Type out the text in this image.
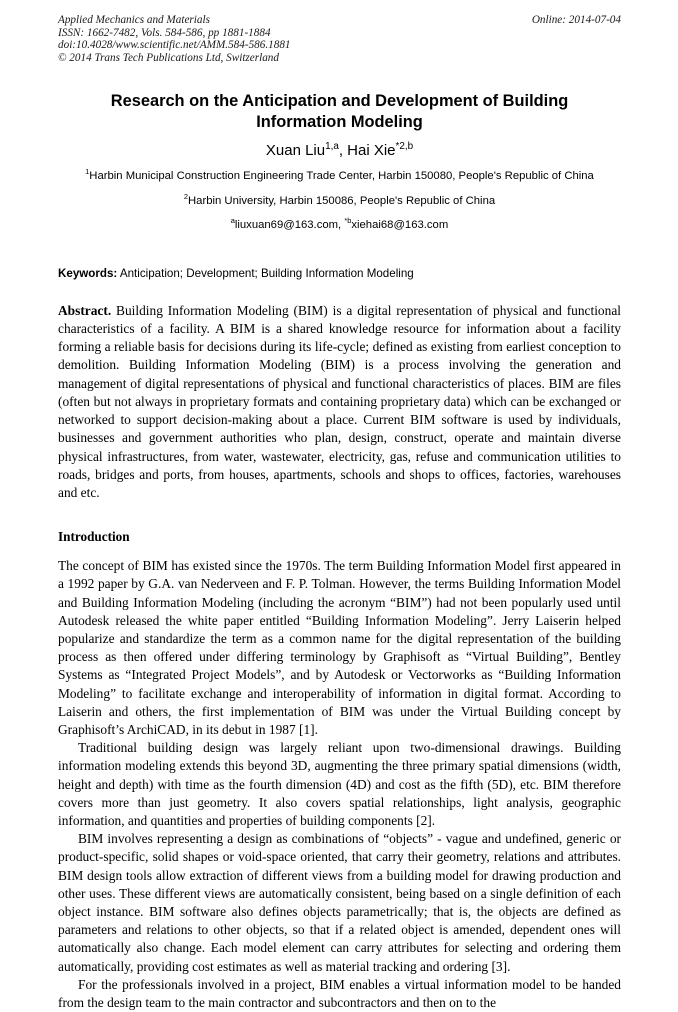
Applied Mechanics and Materials
ISSN: 1662-7482, Vols. 584-586, pp 1881-1884
doi:10.4028/www.scientific.net/AMM.584-586.1881
© 2014 Trans Tech Publications Ltd, Switzerland
Online: 2014-07-04
Research on the Anticipation and Development of Building Information Modeling
Xuan Liu$^{1,a}$, Hai Xie$^{*2,b}$
$^1$Harbin Municipal Construction Engineering Trade Center, Harbin 150080, People's Republic of China
$^2$Harbin University, Harbin 150086, People's Republic of China
$^a$liuxuan69@163.com, $^{*b}$xiehai68@163.com
Keywords: Anticipation; Development; Building Information Modeling
Abstract. Building Information Modeling (BIM) is a digital representation of physical and functional characteristics of a facility. A BIM is a shared knowledge resource for information about a facility forming a reliable basis for decisions during its life-cycle; defined as existing from earliest conception to demolition. Building Information Modeling (BIM) is a process involving the generation and management of digital representations of physical and functional characteristics of places. BIM are files (often but not always in proprietary formats and containing proprietary data) which can be exchanged or networked to support decision-making about a place. Current BIM software is used by individuals, businesses and government authorities who plan, design, construct, operate and maintain diverse physical infrastructures, from water, wastewater, electricity, gas, refuse and communication utilities to roads, bridges and ports, from houses, apartments, schools and shops to offices, factories, warehouses and etc.
Introduction

The concept of BIM has existed since the 1970s. The term Building Information Model first appeared in a 1992 paper by G.A. van Nederveen and F. P. Tolman. However, the terms Building Information Model and Building Information Modeling (including the acronym “BIM”) had not been popularly used until Autodesk released the white paper entitled “Building Information Modeling”. Jerry Laiserin helped popularize and standardize the term as a common name for the digital representation of the building process as then offered under differing terminology by Graphisoft as “Virtual Building”, Bentley Systems as “Integrated Project Models”, and by Autodesk or Vectorworks as “Building Information Modeling” to facilitate exchange and interoperability of information in digital format. According to Laiserin and others, the first implementation of BIM was under the Virtual Building concept by Graphisoft’s ArchiCAD, in its debut in 1987 [1].

Traditional building design was largely reliant upon two-dimensional drawings. Building information modeling extends this beyond 3D, augmenting the three primary spatial dimensions (width, height and depth) with time as the fourth dimension (4D) and cost as the fifth (5D), etc. BIM therefore covers more than just geometry. It also covers spatial relationships, light analysis, geographic information, and quantities and properties of building components [2].

BIM involves representing a design as combinations of “objects” - vague and undefined, generic or product-specific, solid shapes or void-space oriented, that carry their geometry, relations and attributes. BIM design tools allow extraction of different views from a building model for drawing production and other uses. These different views are automatically consistent, being based on a single definition of each object instance. BIM software also defines objects parametrically; that is, the objects are defined as parameters and relations to other objects, so that if a related object is amended, dependent ones will automatically also change. Each model element can carry attributes for selecting and ordering them automatically, providing cost estimates as well as material tracking and ordering [3].

For the professionals involved in a project, BIM enables a virtual information model to be handed from the design team to the main contractor and subcontractors and then on to the
